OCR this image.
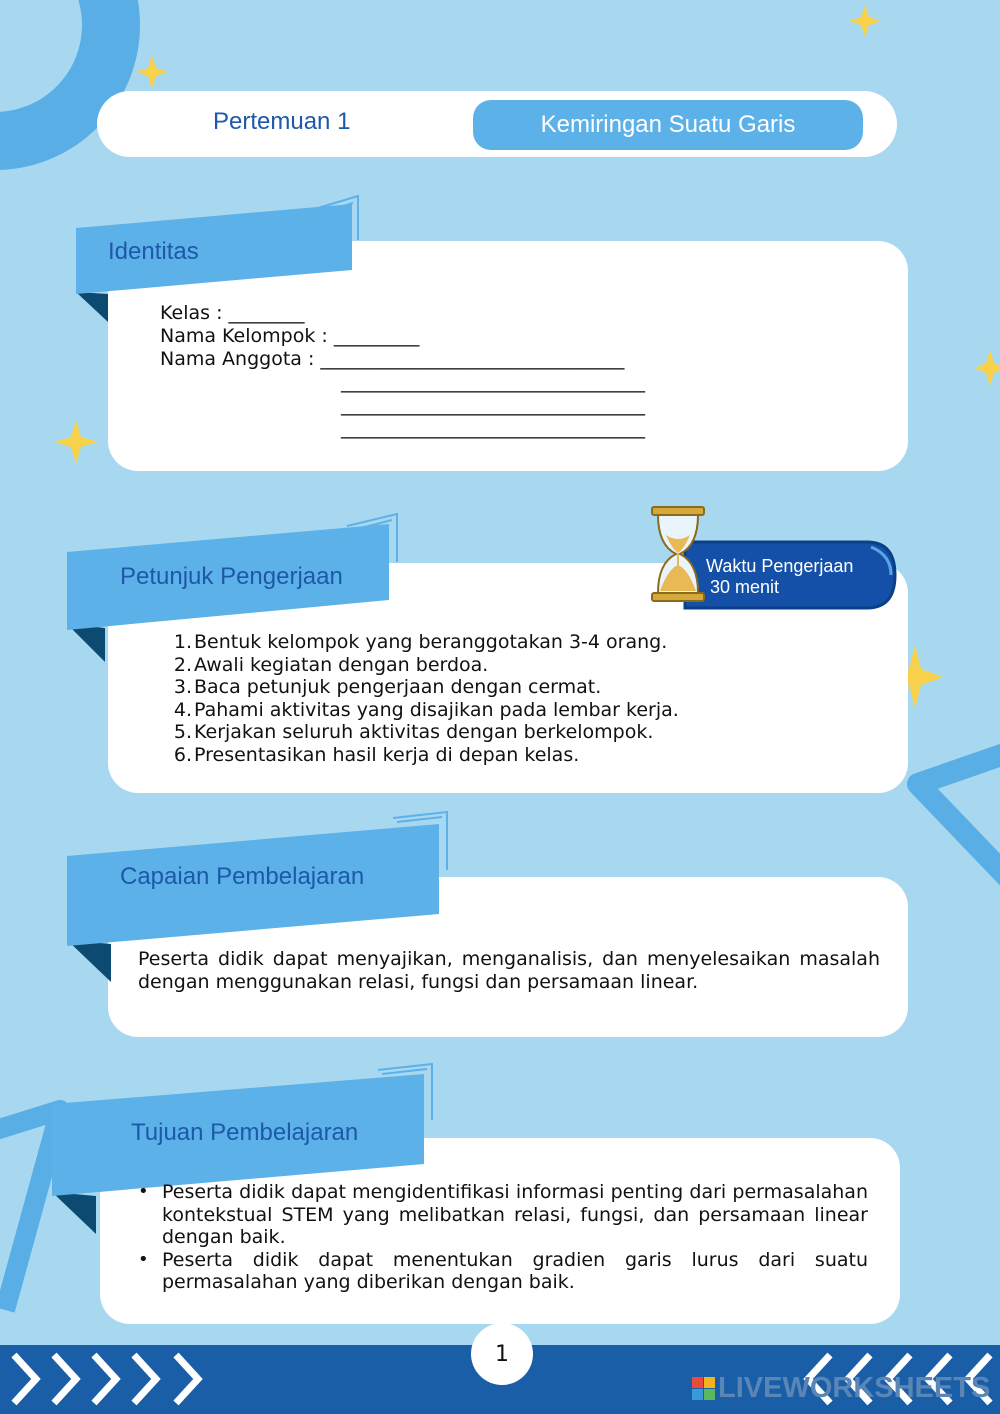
Pertemuan 1	Kemiringan Suatu Garis
Identitas
Kelas : ________
Nama Kelompok : _________
Nama Anggota : ________________________________
________________________________
________________________________
________________________________
Petunjuk Pengerjaan	Waktu Pengerjaan
30 menit
1. Bentuk kelompok yang beranggotakan 3-4 orang.
2. Awali kegiatan dengan berdoa.
3. Baca petunjuk pengerjaan dengan cermat.
4. Pahami aktivitas yang disajikan pada lembar kerja.
5. Kerjakan seluruh aktivitas dengan berkelompok.
6. Presentasikan hasil kerja di depan kelas.
Capaian Pembelajaran
Peserta didik dapat menyajikan, menganalisis, dan menyelesaikan masalah dengan menggunakan relasi, fungsi dan persamaan linear.
Tujuan Pembelajaran
• Peserta didik dapat mengidentifikasi informasi penting dari permasalahan kontekstual STEM yang melibatkan relasi, fungsi, dan persamaan linear dengan baik.
• Peserta didik dapat menentukan gradien garis lurus dari suatu permasalahan yang diberikan dengan baik.
1
LIVEWORKSHEETS
